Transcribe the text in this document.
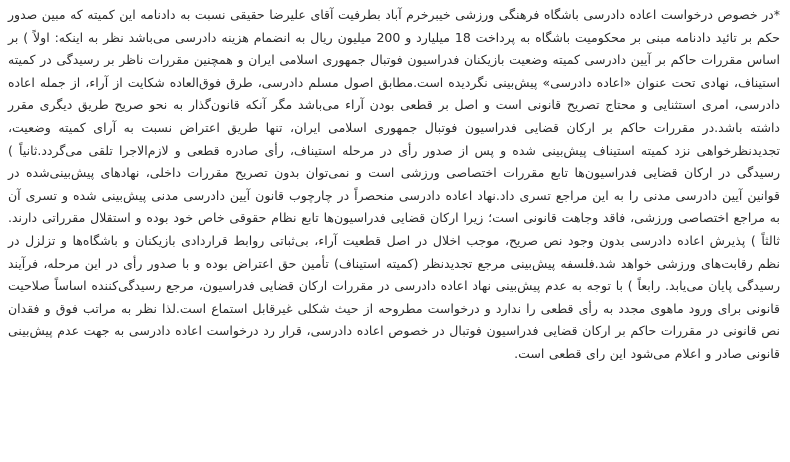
*در خصوص درخواست اعاده دادرسی باشگاه فرهنگی ورزشی خیبرخرم آباد بطرفیت آقای علیرضا حقیقی نسبت به دادنامه این کمیته که مبین صدور حکم بر تائید دادنامه مبنی بر محکومیت باشگاه به پرداخت 18 میلیارد و 200 میلیون ریال به انضمام هزینه دادرسی می‌باشد نظر به اینکه: اولاً ) بر اساس مقررات حاکم بر آیین دادرسی کمیته وضعیت بازیکنان فدراسیون فوتبال جمهوری اسلامی ایران و همچنین مقررات ناظر بر رسیدگی در کمیته استیناف، نهادی تحت عنوان «اعاده دادرسی» پیش‌بینی نگردیده است.مطابق اصول مسلم دادرسی، طرق فوق‌العاده شکایت از آراء، از جمله اعاده دادرسی، امری استثنایی و محتاج تصریح قانونی است و اصل بر قطعی بودن آراء می‌باشد مگر آنکه قانون‌گذار به نحو صریح طریق دیگری مقرر داشته باشد.در مقررات حاکم بر ارکان قضایی فدراسیون فوتبال جمهوری اسلامی ایران، تنها طریق اعتراض نسبت به آرای کمیته وضعیت، تجدیدنظرخواهی نزد کمیته استیناف پیش‌بینی شده و پس از صدور رأی در مرحله استیناف، رأی صادره قطعی و لازم‌الاجرا تلقی می‌گردد.ثانیاً ) رسیدگی در ارکان قضایی فدراسیون‌ها تابع مقررات اختصاصی ورزشی است و نمی‌توان بدون تصریح مقررات داخلی، نهادهای پیش‌بینی‌شده در قوانین آیین دادرسی مدنی را به این مراجع تسری داد.نهاد اعاده دادرسی منحصراً در چارچوب قانون آیین دادرسی مدنی پیش‌بینی شده و تسری آن به مراجع اختصاصی ورزشی، فاقد وجاهت قانونی است؛ زیرا ارکان قضایی فدراسیون‌ها تابع نظام حقوقی خاص خود بوده و استقلال مقرراتی دارند. ثالثاً ) پذیرش اعاده دادرسی بدون وجود نص صریح، موجب اخلال در اصل قطعیت آراء، بی‌ثباتی روابط قراردادی بازیکنان و باشگاه‌ها و تزلزل در نظم رقابت‌های ورزشی خواهد شد.فلسفه پیش‌بینی مرجع تجدیدنظر (کمیته استیناف) تأمین حق اعتراض بوده و با صدور رأی در این مرحله، فرآیند رسیدگی پایان می‌یابد. رابعاً ) با توجه به عدم پیش‌بینی نهاد اعاده دادرسی در مقررات ارکان قضایی فدراسیون، مرجع رسیدگی‌کننده اساساً صلاحیت قانونی برای ورود ماهوی مجدد به رأی قطعی را ندارد و درخواست مطروحه از حیث شکلی غیرقابل استماع است.لذا نظر به مراتب فوق و فقدان نص قانونی در مقررات حاکم بر ارکان قضایی فدراسیون فوتبال در خصوص اعاده دادرسی، قرار رد درخواست اعاده دادرسی به جهت عدم پیش‌بینی قانونی صادر و اعلام می‌شود این رای قطعی است.
